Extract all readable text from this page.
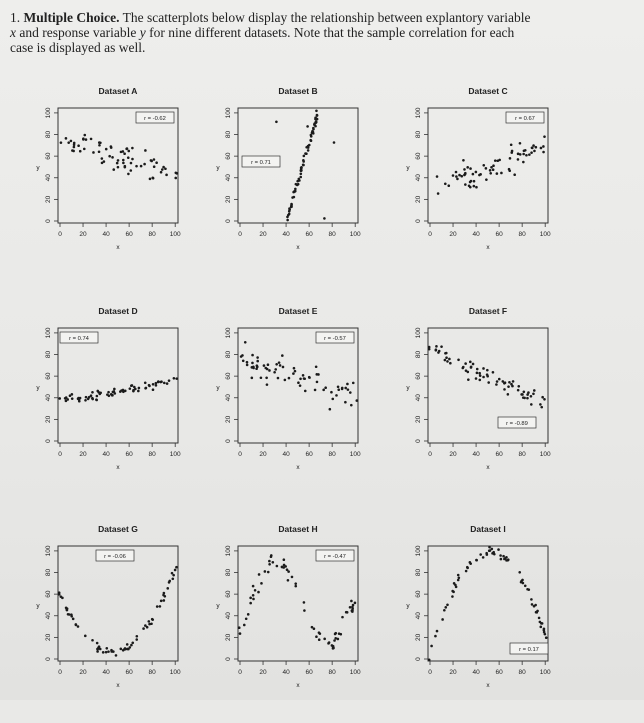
1. Multiple Choice. The scatterplots below display the relationship between explantory variable
x and response variable y for nine different datasets. Note that the sample correlation for each
case is displayed as well.
Dataset A
0	20 40 60 80 100
0
20
40
60
80
100
x
y
r = -0.62
Dataset B
0	20 40 60 80 100
0
20
40
60
80
100
x
y
r = 0.71
Dataset C
0	20 40 60 80 100
0
20
40
60
80
100
x
y
r = 0.67
Dataset D
0	20 40 60 80 100
0
20
40
60
80
100
x
y
r = 0.74
Dataset E
0	20 40 60 80 100
0
20
40
60
80
100
x
y
r = -0.57
Dataset F
0	20 40 60 80 100
0
20
40
60
80
100
x
y
r = -0.89
Dataset G
0	20 40 60 80 100
0
20
40
60
80
100
x
y
r = -0.06
Dataset H
0	20 40 60 80 100
0
20
40
60
80
100
x
y
r = -0.47
Dataset I
0	20 40 60 80 100
0
20
40
60
80
100
x
y
r = 0.17
